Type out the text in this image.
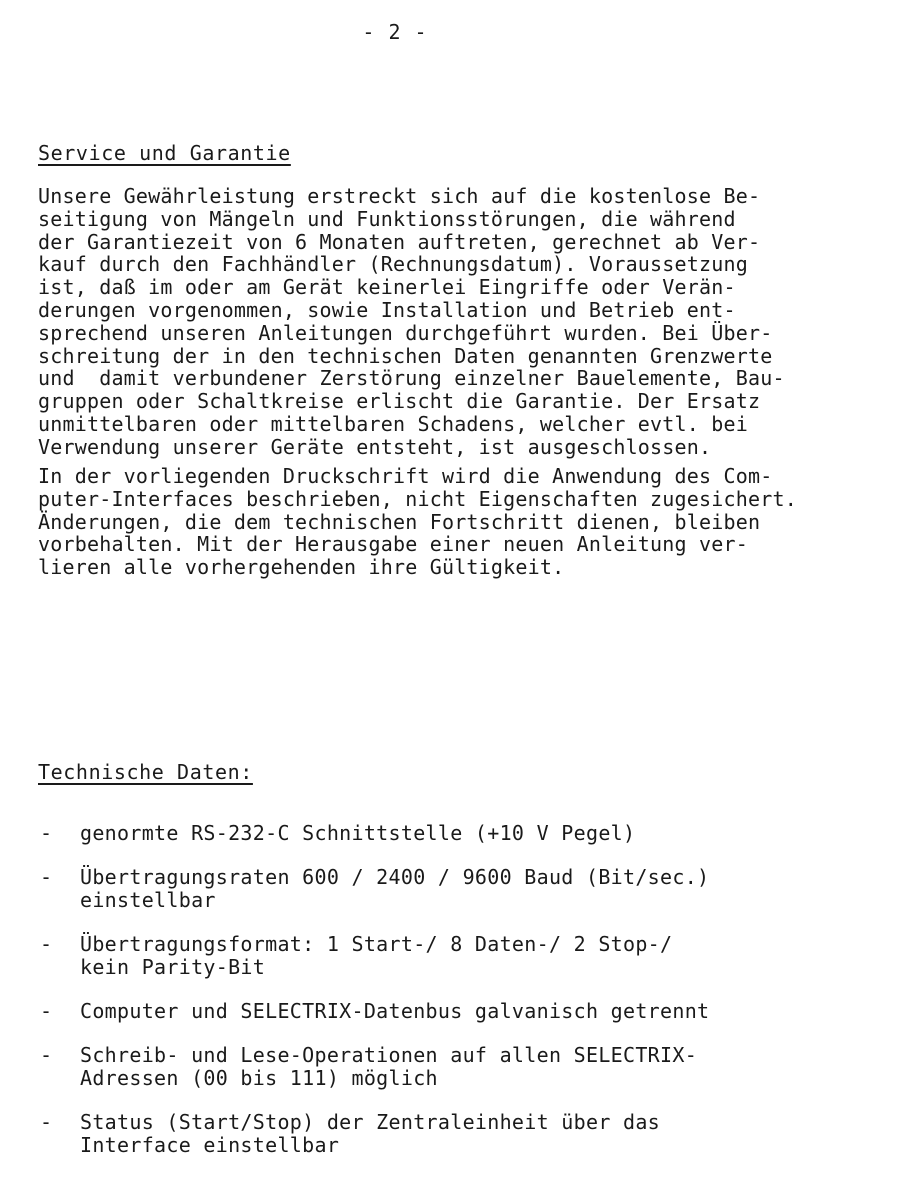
- 2 -
Service und Garantie
Unsere Gewährleistung erstreckt sich auf die kostenlose Be-
seitigung von Mängeln und Funktionsstörungen, die während
der Garantiezeit von 6 Monaten auftreten, gerechnet ab Ver-
kauf durch den Fachhändler (Rechnungsdatum). Voraussetzung
ist, daß im oder am Gerät keinerlei Eingriffe oder Verän-
derungen vorgenommen, sowie Installation und Betrieb ent-
sprechend unseren Anleitungen durchgeführt wurden. Bei Über-
schreitung der in den technischen Daten genannten Grenzwerte
und  damit verbundener Zerstörung einzelner Bauelemente, Bau-
gruppen oder Schaltkreise erlischt die Garantie. Der Ersatz
unmittelbaren oder mittelbaren Schadens, welcher evtl. bei
Verwendung unserer Geräte entsteht, ist ausgeschlossen.
In der vorliegenden Druckschrift wird die Anwendung des Com-
puter-Interfaces beschrieben, nicht Eigenschaften zugesichert.
Änderungen, die dem technischen Fortschritt dienen, bleiben
vorbehalten. Mit der Herausgabe einer neuen Anleitung ver-
lieren alle vorhergehenden ihre Gültigkeit.
Technische Daten:
- genormte RS-232-C Schnittstelle (+10 V Pegel)
- Übertragungsraten 600 / 2400 / 9600 Baud (Bit/sec.)
einstellbar
- Übertragungsformat: 1 Start-/ 8 Daten-/ 2 Stop-/
kein Parity-Bit
- Computer und SELECTRIX-Datenbus galvanisch getrennt
- Schreib- und Lese-Operationen auf allen SELECTRIX-
Adressen (00 bis 111) möglich
- Status (Start/Stop) der Zentraleinheit über das
Interface einstellbar
